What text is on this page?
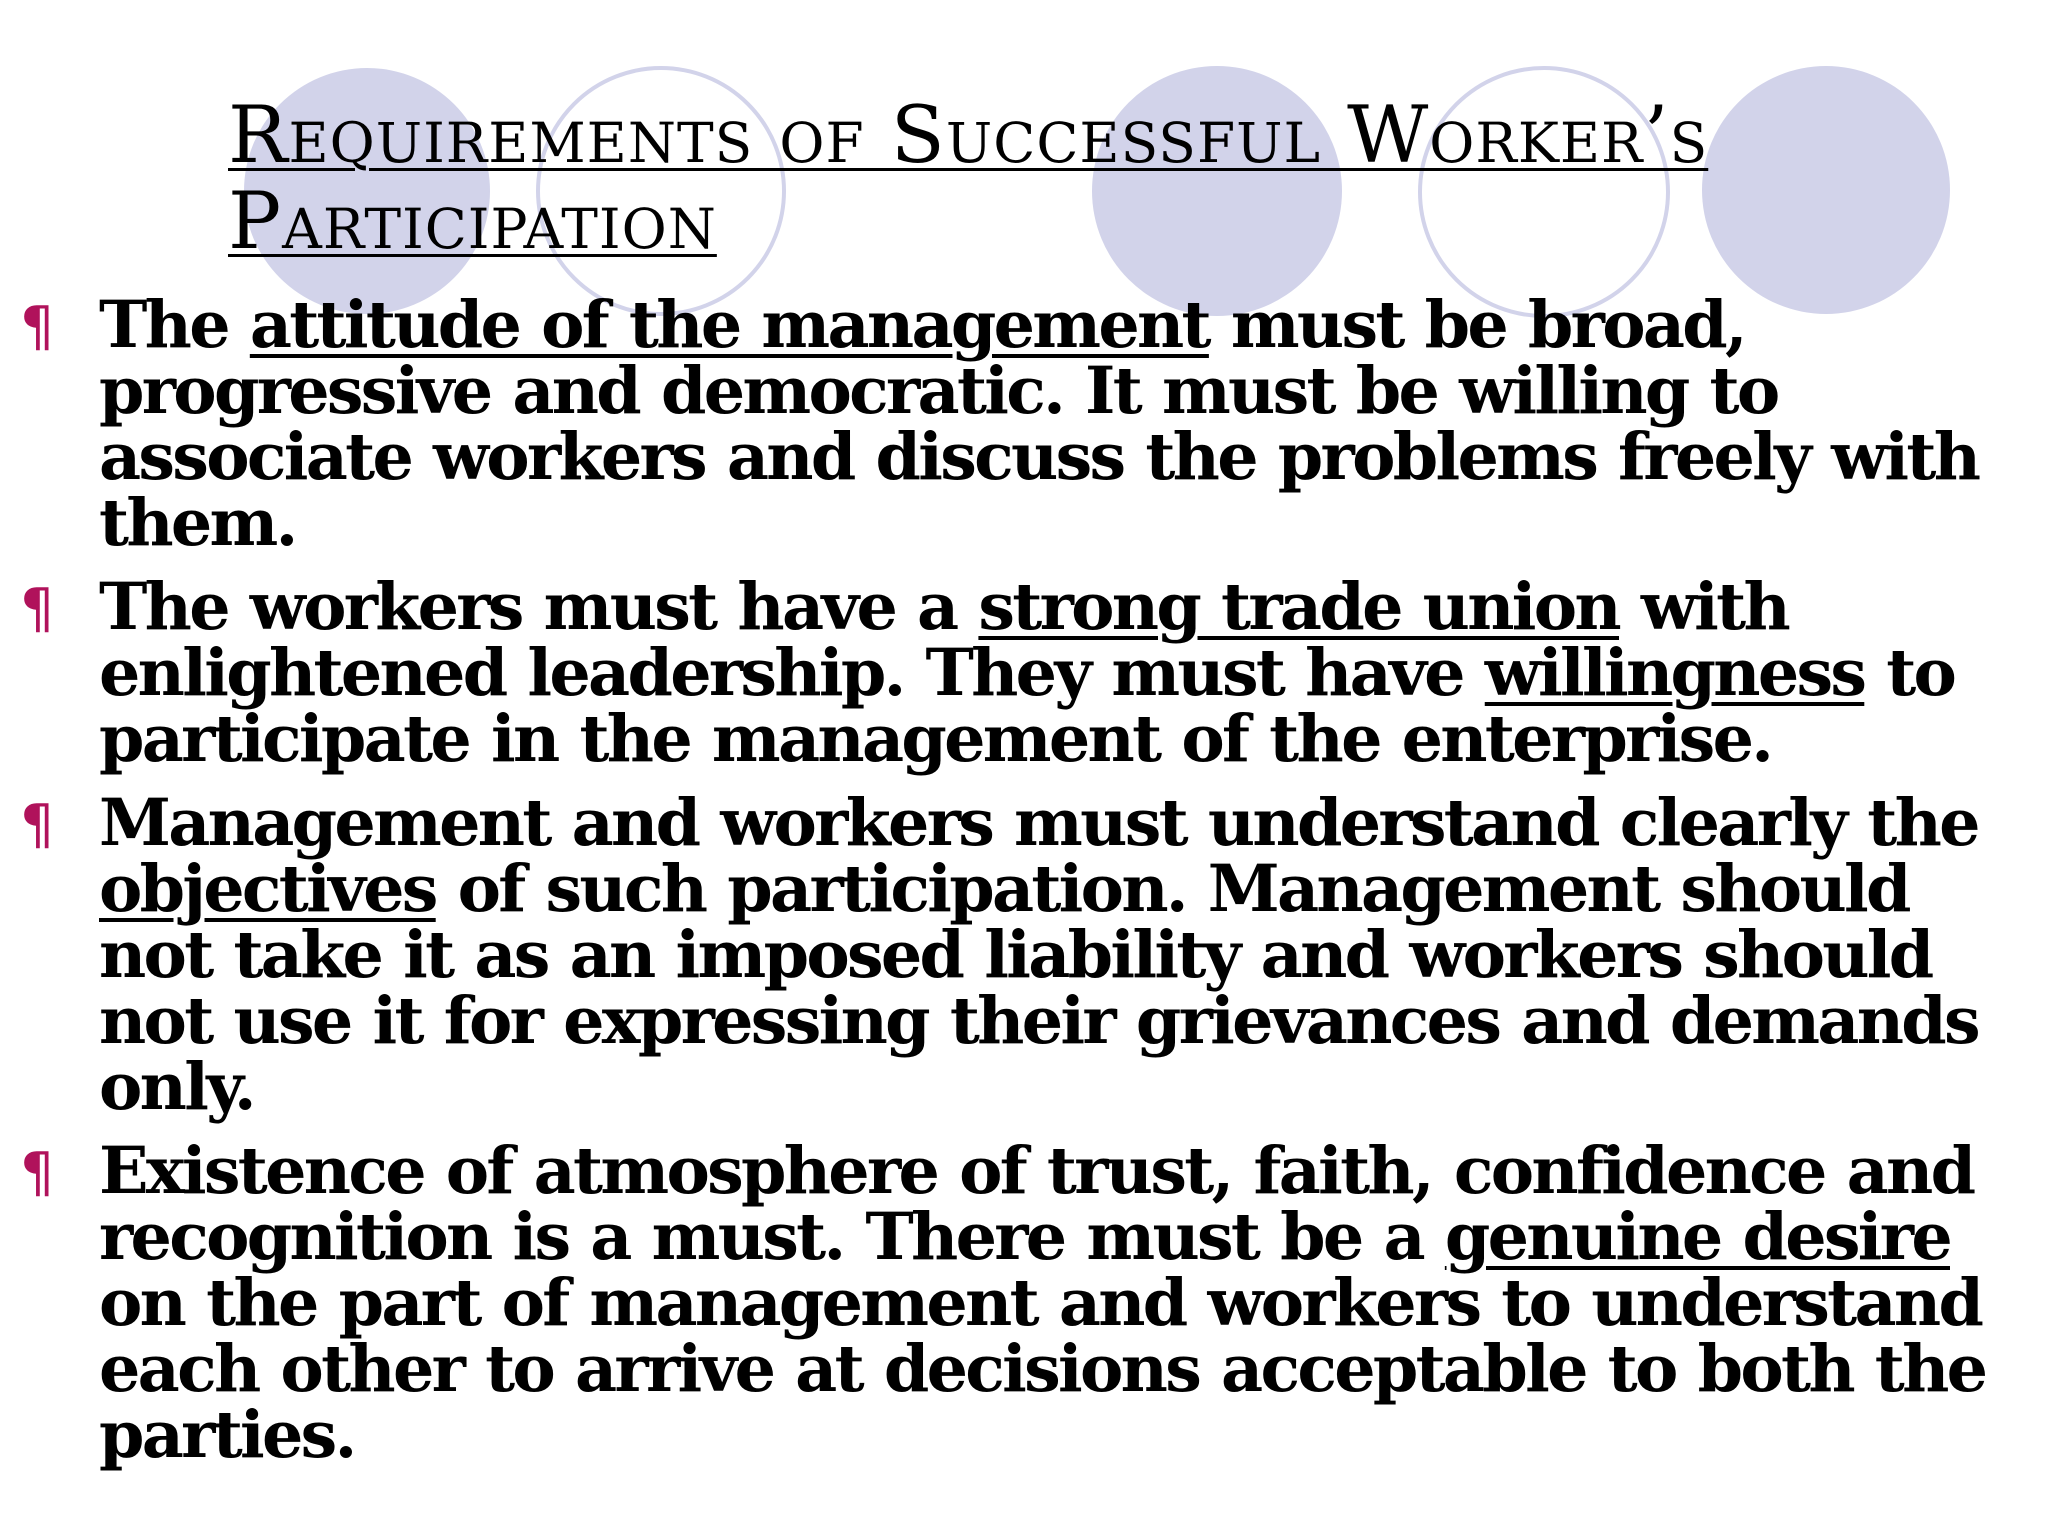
Requirements of Successful Worker’s
Participation
¶ The attitude of the management must be broad,
progressive and democratic. It must be willing to
associate workers and discuss the problems freely with
them.
¶ The workers must have a strong trade union with
enlightened leadership. They must have willingness to
participate in the management of the enterprise.
¶ Management and workers must understand clearly the
objectives of such participation. Management should
not take it as an imposed liability and workers should
not use it for expressing their grievances and demands
only.
¶ Existence of atmosphere of trust, faith, confidence and
recognition is a must. There must be a genuine desire
on the part of management and workers to understand
each other to arrive at decisions acceptable to both the
parties.
